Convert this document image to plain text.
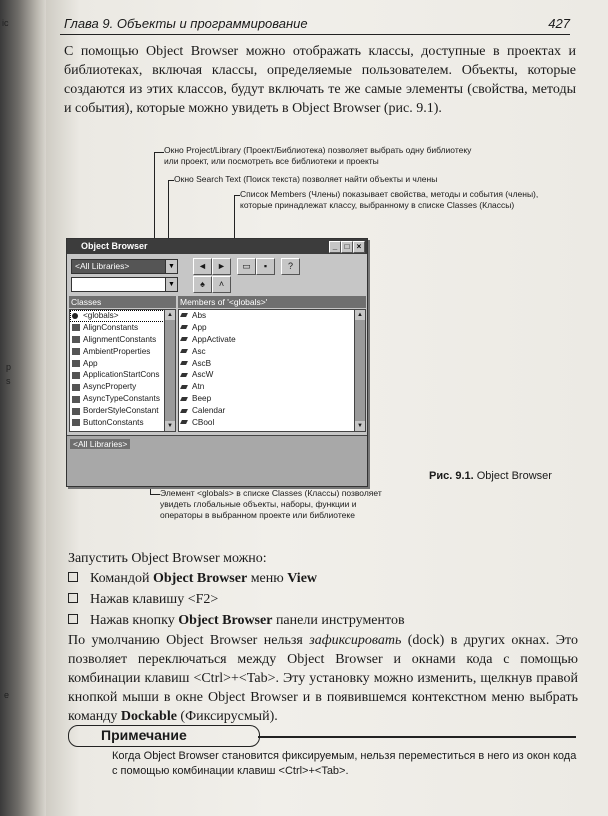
ic
p
s
e
Глава 9. Объекты и программирование	427

С помощью Object Browser можно отображать классы, доступные в проектах и библиотеках, включая классы, определяемые пользователем. Объекты, которые создаются из этих классов, будут включать те же самые элементы (свойства, методы и события), которые можно увидеть в Object Browser (рис. 9.1).

Окно Project/Library (Проект/Библиотека) позволяет выбрать одну библиотеку или проект, или посмотреть все библиотеки и проекты
Окно Search Text (Поиск текста) позволяет найти объекты и члены
Список Members (Члены) показывает свойства, методы и события (члены), которые принадлежат классу, выбранному в списке Classes (Классы)
Элемент <globals> в списке Classes (Классы) позволяет увидеть глобальные объекты, наборы, функции и операторы в выбранном проекте или библиотеке
Object Browser	_ □ ×
<All Libraries>	▼
▼
◄	►	▭	▪	?
♠	˄
Classes	Members of '<globals>'
<globals>
AlignConstants
AlignmentConstants
AmbientProperties
App
ApplicationStartCons
AsyncProperty
AsyncTypeConstants
BorderStyleConstant
ButtonConstants
▲
▼
Abs
App
AppActivate
Asc
AscB
AscW
Atn
Beep
Calendar
CBool
▲
▼
<All Libraries>
Рис. 9.1. Object Browser

Запустить Object Browser можно:

Командой Object Browser меню View
Нажав клавишу <F2>
Нажав кнопку Object Browser панели инструментов

По умолчанию Object Browser нельзя зафиксировать (dock) в других окнах. Это позволяет переключаться между Object Browser и окнами кода с помощью комбинации клавиш <Ctrl>+<Tab>. Эту установку можно изменить, щелкнув правой кнопкой мыши в окне Object Browser и в появившемся контекстном меню выбрать команду Dockable (Фиксирусмый).

Примечание

Когда Object Browser становится фиксируемым, нельзя переместиться в него из окон кода с помощью комбинации клавиш <Ctrl>+<Tab>.
